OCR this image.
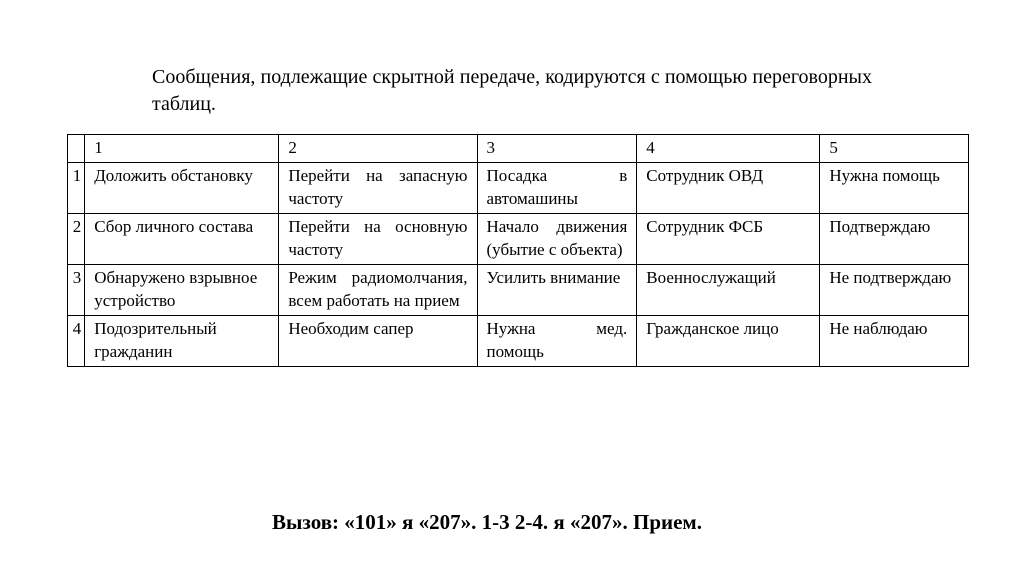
Сообщения, подлежащие скрытной передаче, кодируются с помощью переговорных таблиц.

	1	2	3	4	5
1	Доложить обстановку	Перейти на запасную частоту	Посадка в автомашины	Сотрудник ОВД	Нужна помощь
2	Сбор личного состава	Перейти на основную частоту	Начало движения (убытие с объекта)	Сотрудник ФСБ	Подтверждаю
3	Обнаружено взрывное устройство	Режим радиомолчания, всем работать на прием	Усилить внимание	Военнослужащий	Не подтверждаю
4	Подозрительный гражданин	Необходим сапер	Нужна мед. помощь	Гражданское лицо	Не наблюдаю
Вызов: «101» я «207». 1-3 2-4. я «207». Прием.
